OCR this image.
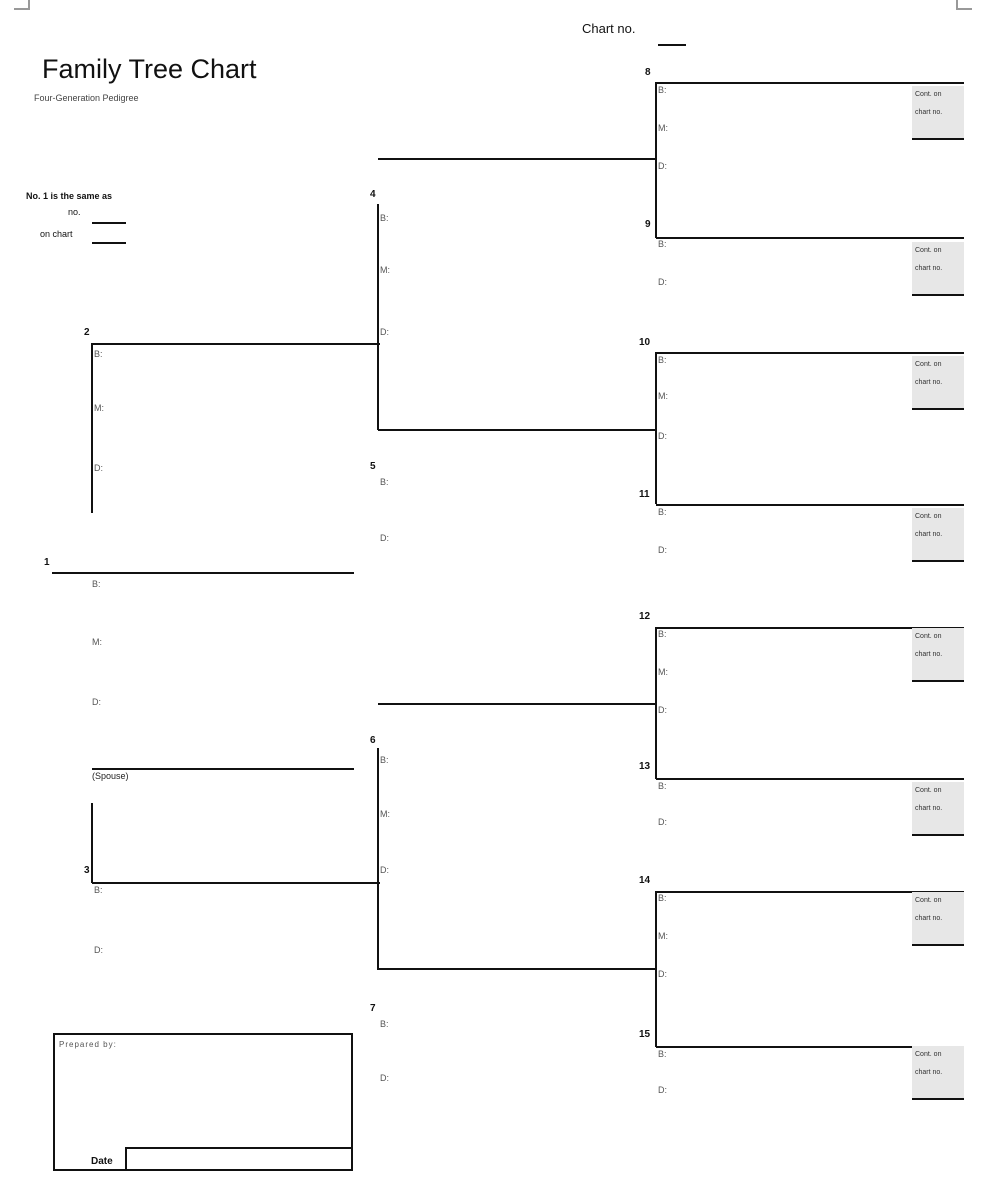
Family Tree Chart
Four-Generation Pedigree
Chart no.
No. 1 is the same as
no.
on chart
1
B:
M:
D:
(Spouse)
2
B:
M:
D:
3
B:
D:
4
B:
M:
D:
5
B:
D:
6
B:
M:
D:
7
B:
D:
8
B:
M:
D:
Cont. on
chart no.
9
B:
D:
Cont. on
chart no.
10
B:
M:
D:
Cont. on
chart no.
11
B:
D:
Cont. on
chart no.
12
B:
M:
D:
Cont. on
chart no.
13
B:
D:
Cont. on
chart no.
14
B:
M:
D:
Cont. on
chart no.
15
B:
D:
Cont. on
chart no.
Prepared by:
Date
